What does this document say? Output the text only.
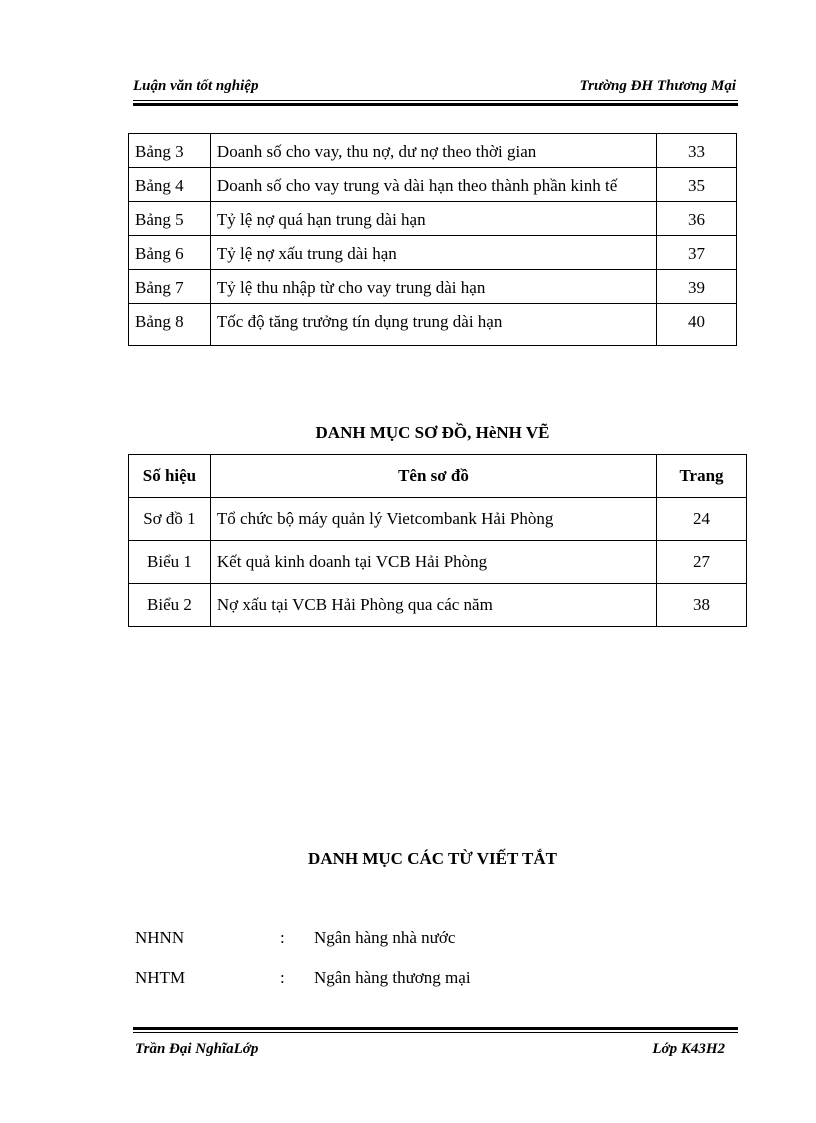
Luận văn tốt nghiệp	Trường ĐH Thương Mại
Bảng 3	Doanh số cho vay, thu nợ, dư nợ theo thời gian	33
Bảng 4	Doanh số cho vay trung và dài hạn theo thành phần kinh tế	35
Bảng 5	Tỷ lệ nợ quá hạn trung dài hạn	36
Bảng 6	Tỷ lệ nợ xấu trung dài hạn	37
Bảng 7	Tỷ lệ thu nhập từ cho vay trung dài hạn	39
Bảng 8	Tốc độ tăng trưởng tín dụng trung dài hạn	40
DANH MỤC SƠ ĐỒ, HèNH VẼ
Số hiệu	Tên sơ đồ	Trang
Sơ đồ 1	Tổ chức bộ máy quản lý Vietcombank Hải Phòng	24
Biểu 1	Kết quả kinh doanh tại VCB Hải Phòng	27
Biểu 2	Nợ xấu tại VCB Hải Phòng qua các năm	38
DANH MỤC CÁC TỪ VIẾT TẮT
NHNN	: Ngân hàng nhà nước
NHTM	: Ngân hàng thương mại
Trần Đại NghĩaLớp	Lớp K43H2
